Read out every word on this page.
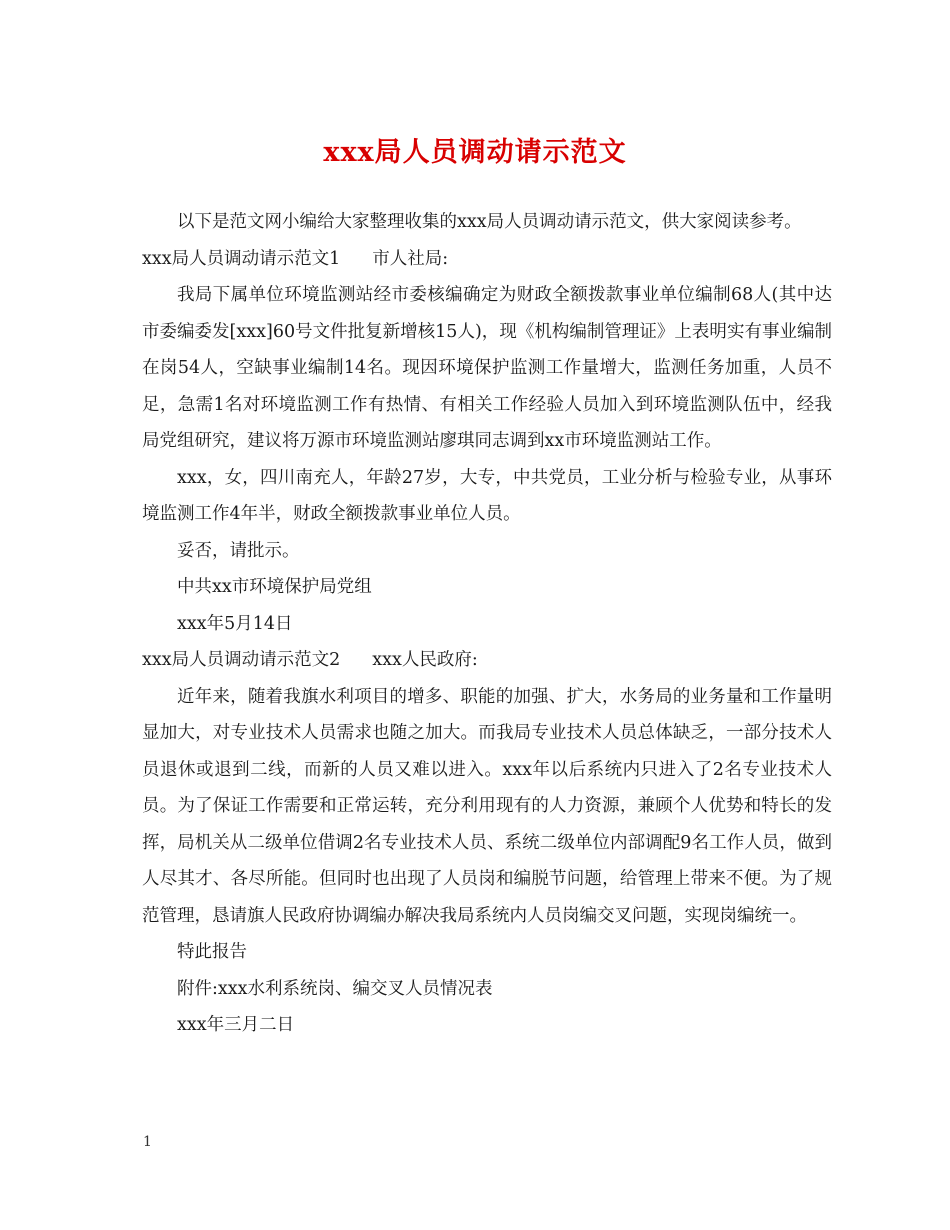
xxx局人员调动请示范文

以下是范文网小编给大家整理收集的xxx局人员调动请示范文，供大家阅读参考。

xxx局人员调动请示范文1 市人社局:

我局下属单位环境监测站经市委核编确定为财政全额拨款事业单位编制68人(其中达市委编委发[xxx]60号文件批复新增核15人)，现《机构编制管理证》上表明实有事业编制在岗54人，空缺事业编制14名。现因环境保护监测工作量增大，监测任务加重，人员不足，急需1名对环境监测工作有热情、有相关工作经验人员加入到环境监测队伍中，经我局党组研究，建议将万源市环境监测站廖琪同志调到xx市环境监测站工作。

xxx，女，四川南充人，年龄27岁，大专，中共党员，工业分析与检验专业，从事环境监测工作4年半，财政全额拨款事业单位人员。

妥否，请批示。

中共xx市环境保护局党组

xxx年5月14日

xxx局人员调动请示范文2 xxx人民政府:

近年来，随着我旗水利项目的增多、职能的加强、扩大，水务局的业务量和工作量明显加大，对专业技术人员需求也随之加大。而我局专业技术人员总体缺乏，一部分技术人员退休或退到二线，而新的人员又难以进入。xxx年以后系统内只进入了2名专业技术人员。为了保证工作需要和正常运转，充分利用现有的人力资源，兼顾个人优势和特长的发挥，局机关从二级单位借调2名专业技术人员、系统二级单位内部调配9名工作人员，做到人尽其才、各尽所能。但同时也出现了人员岗和编脱节问题，给管理上带来不便。为了规范管理，恳请旗人民政府协调编办解决我局系统内人员岗编交叉问题，实现岗编统一。

特此报告

附件:xxx水利系统岗、编交叉人员情况表

xxx年三月二日

1
